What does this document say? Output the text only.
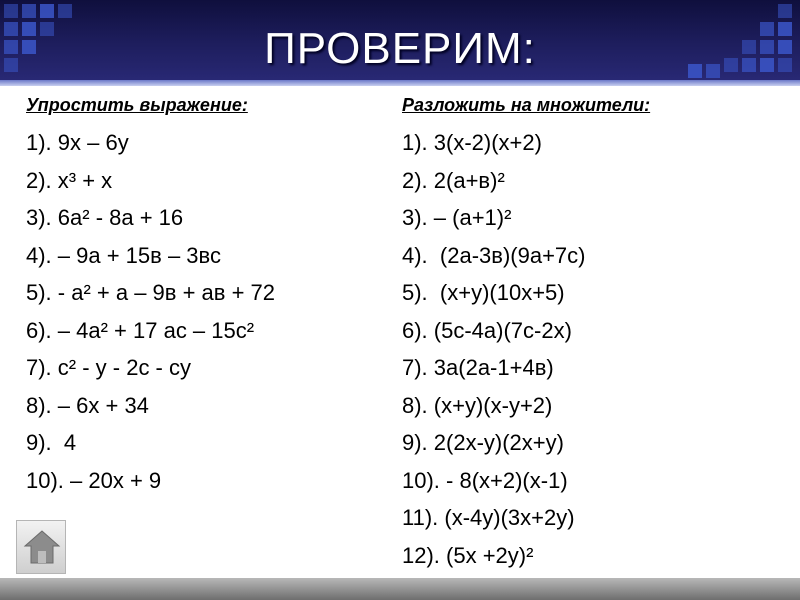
ПРОВЕРИМ:
Упростить выражение:
1). 9х – 6у
2). х³ + х
3). 6а² - 8а + 16
4). – 9а + 15в – 3вс
5). - а² + а – 9в + ав + 72
6). – 4а² + 17 ас – 15с²
7). с² - у - 2с - су
8). – 6х + 34
9).  4
10). – 20х + 9
Разложить на множители:
1). 3(х-2)(х+2)
2). 2(а+в)²
3). – (а+1)²
4).  (2а-3в)(9а+7с)
5).  (х+у)(10х+5)
6). (5с-4а)(7с-2х)
7). 3а(2а-1+4в)
8). (х+у)(х-у+2)
9). 2(2х-у)(2х+у)
10). - 8(х+2)(х-1)
11). (х-4у)(3х+2у)
12). (5х +2у)²
